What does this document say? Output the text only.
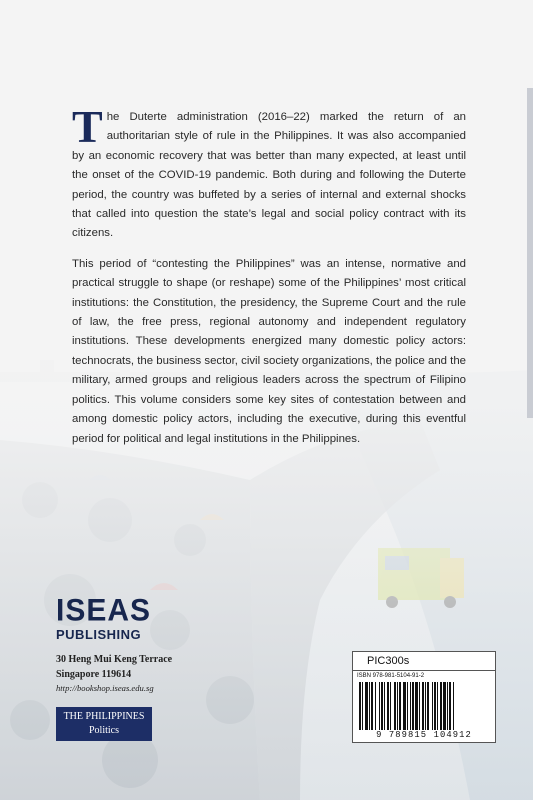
The Duterte administration (2016–22) marked the return of an authoritarian style of rule in the Philippines. It was also accompanied by an economic recovery that was better than many expected, at least until the onset of the COVID-19 pandemic. Both during and following the Duterte period, the country was buffeted by a series of internal and external shocks that called into question the state’s legal and social policy contract with its citizens.

This period of “contesting the Philippines” was an intense, normative and practical struggle to shape (or reshape) some of the Philippines’ most critical institutions: the Constitution, the presidency, the Supreme Court and the rule of law, the free press, regional autonomy and independent regulatory institutions. These developments energized many domestic policy actors: technocrats, the business sector, civil society organizations, the police and the military, armed groups and religious leaders across the spectrum of Filipino politics. This volume considers some key sites of contestation between and among domestic policy actors, including the executive, during this eventful period for political and legal institutions in the Philippines.

ISEAS
PUBLISHING
30 Heng Mui Keng Terrace
Singapore 119614
http://bookshop.iseas.edu.sg
THE PHILIPPINES
Politics
PIC300s
ISBN 978-981-5104-91-2
9 789815 104912
